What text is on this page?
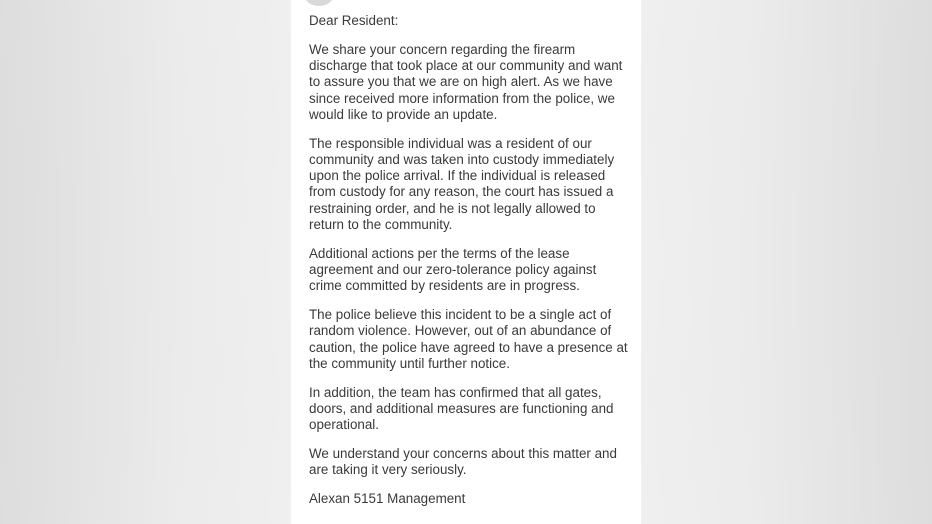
Dear Resident:

We share your concern regarding the firearm discharge that took place at our community and want to assure you that we are on high alert. As we have since received more information from the police, we would like to provide an update.

The responsible individual was a resident of our community and was taken into custody immediately upon the police arrival. If the individual is released from custody for any reason, the court has issued a restraining order, and he is not legally allowed to return to the community.

Additional actions per the terms of the lease agreement and our zero-tolerance policy against crime committed by residents are in progress.

The police believe this incident to be a single act of random violence. However, out of an abundance of caution, the police have agreed to have a presence at the community until further notice.

In addition, the team has confirmed that all gates, doors, and additional measures are functioning and operational.

We understand your concerns about this matter and are taking it very seriously.

Alexan 5151 Management
